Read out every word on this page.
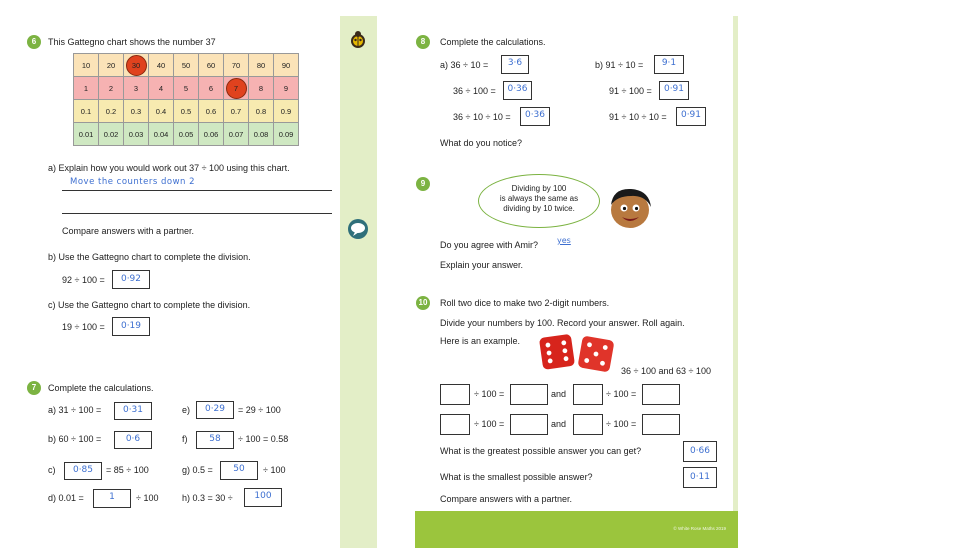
6	This Gattegno chart shows the number 37
10	20	30	40	50	60	70	80	90
1	2	3	4	5	6	7	8	9
0.1	0.2	0.3	0.4	0.5	0.6	0.7	0.8	0.9
0.01	0.02	0.03	0.04	0.05	0.06	0.07	0.08	0.09
a) Explain how you would work out 37 ÷ 100 using this chart.
Move the counters down 2
Compare answers with a partner.
b) Use the Gattegno chart to complete the division.
92 ÷ 100 =	0·92
c) Use the Gattegno chart to complete the division.
19 ÷ 100 =	0·19
7	Complete the calculations.
a) 31 ÷ 100 =	0·31
b) 60 ÷ 100 =	0·6
c)	0·85	= 85 ÷ 100
d) 0.01 =	1	÷ 100
e)	0·29	= 29 ÷ 100
f)	58	÷ 100 = 0.58
g) 0.5 =	50	÷ 100
h) 0.3 = 30 ÷	100
8	Complete the calculations.
a) 36 ÷ 10 =	3·6
36 ÷ 100 =	0·36
36 ÷ 10 ÷ 10 =	0·36
b) 91 ÷ 10 =	9·1
91 ÷ 100 =	0·91
91 ÷ 10 ÷ 10 =	0·91
What do you notice?
9
Dividing by 100
is always the same as
dividing by 10 twice.
Do you agree with Amir? yes
Explain your answer.
10 Roll two dice to make two 2-digit numbers.
Divide your numbers by 100. Record your answer. Roll again.
Here is an example.
36 ÷ 100 and 63 ÷ 100
÷ 100 =	and	÷ 100 =
÷ 100 =	and	÷ 100 =
What is the greatest possible answer you can get?	0·66
What is the smallest possible answer?	0·11
Compare answers with a partner.
© White Rose Maths 2019
